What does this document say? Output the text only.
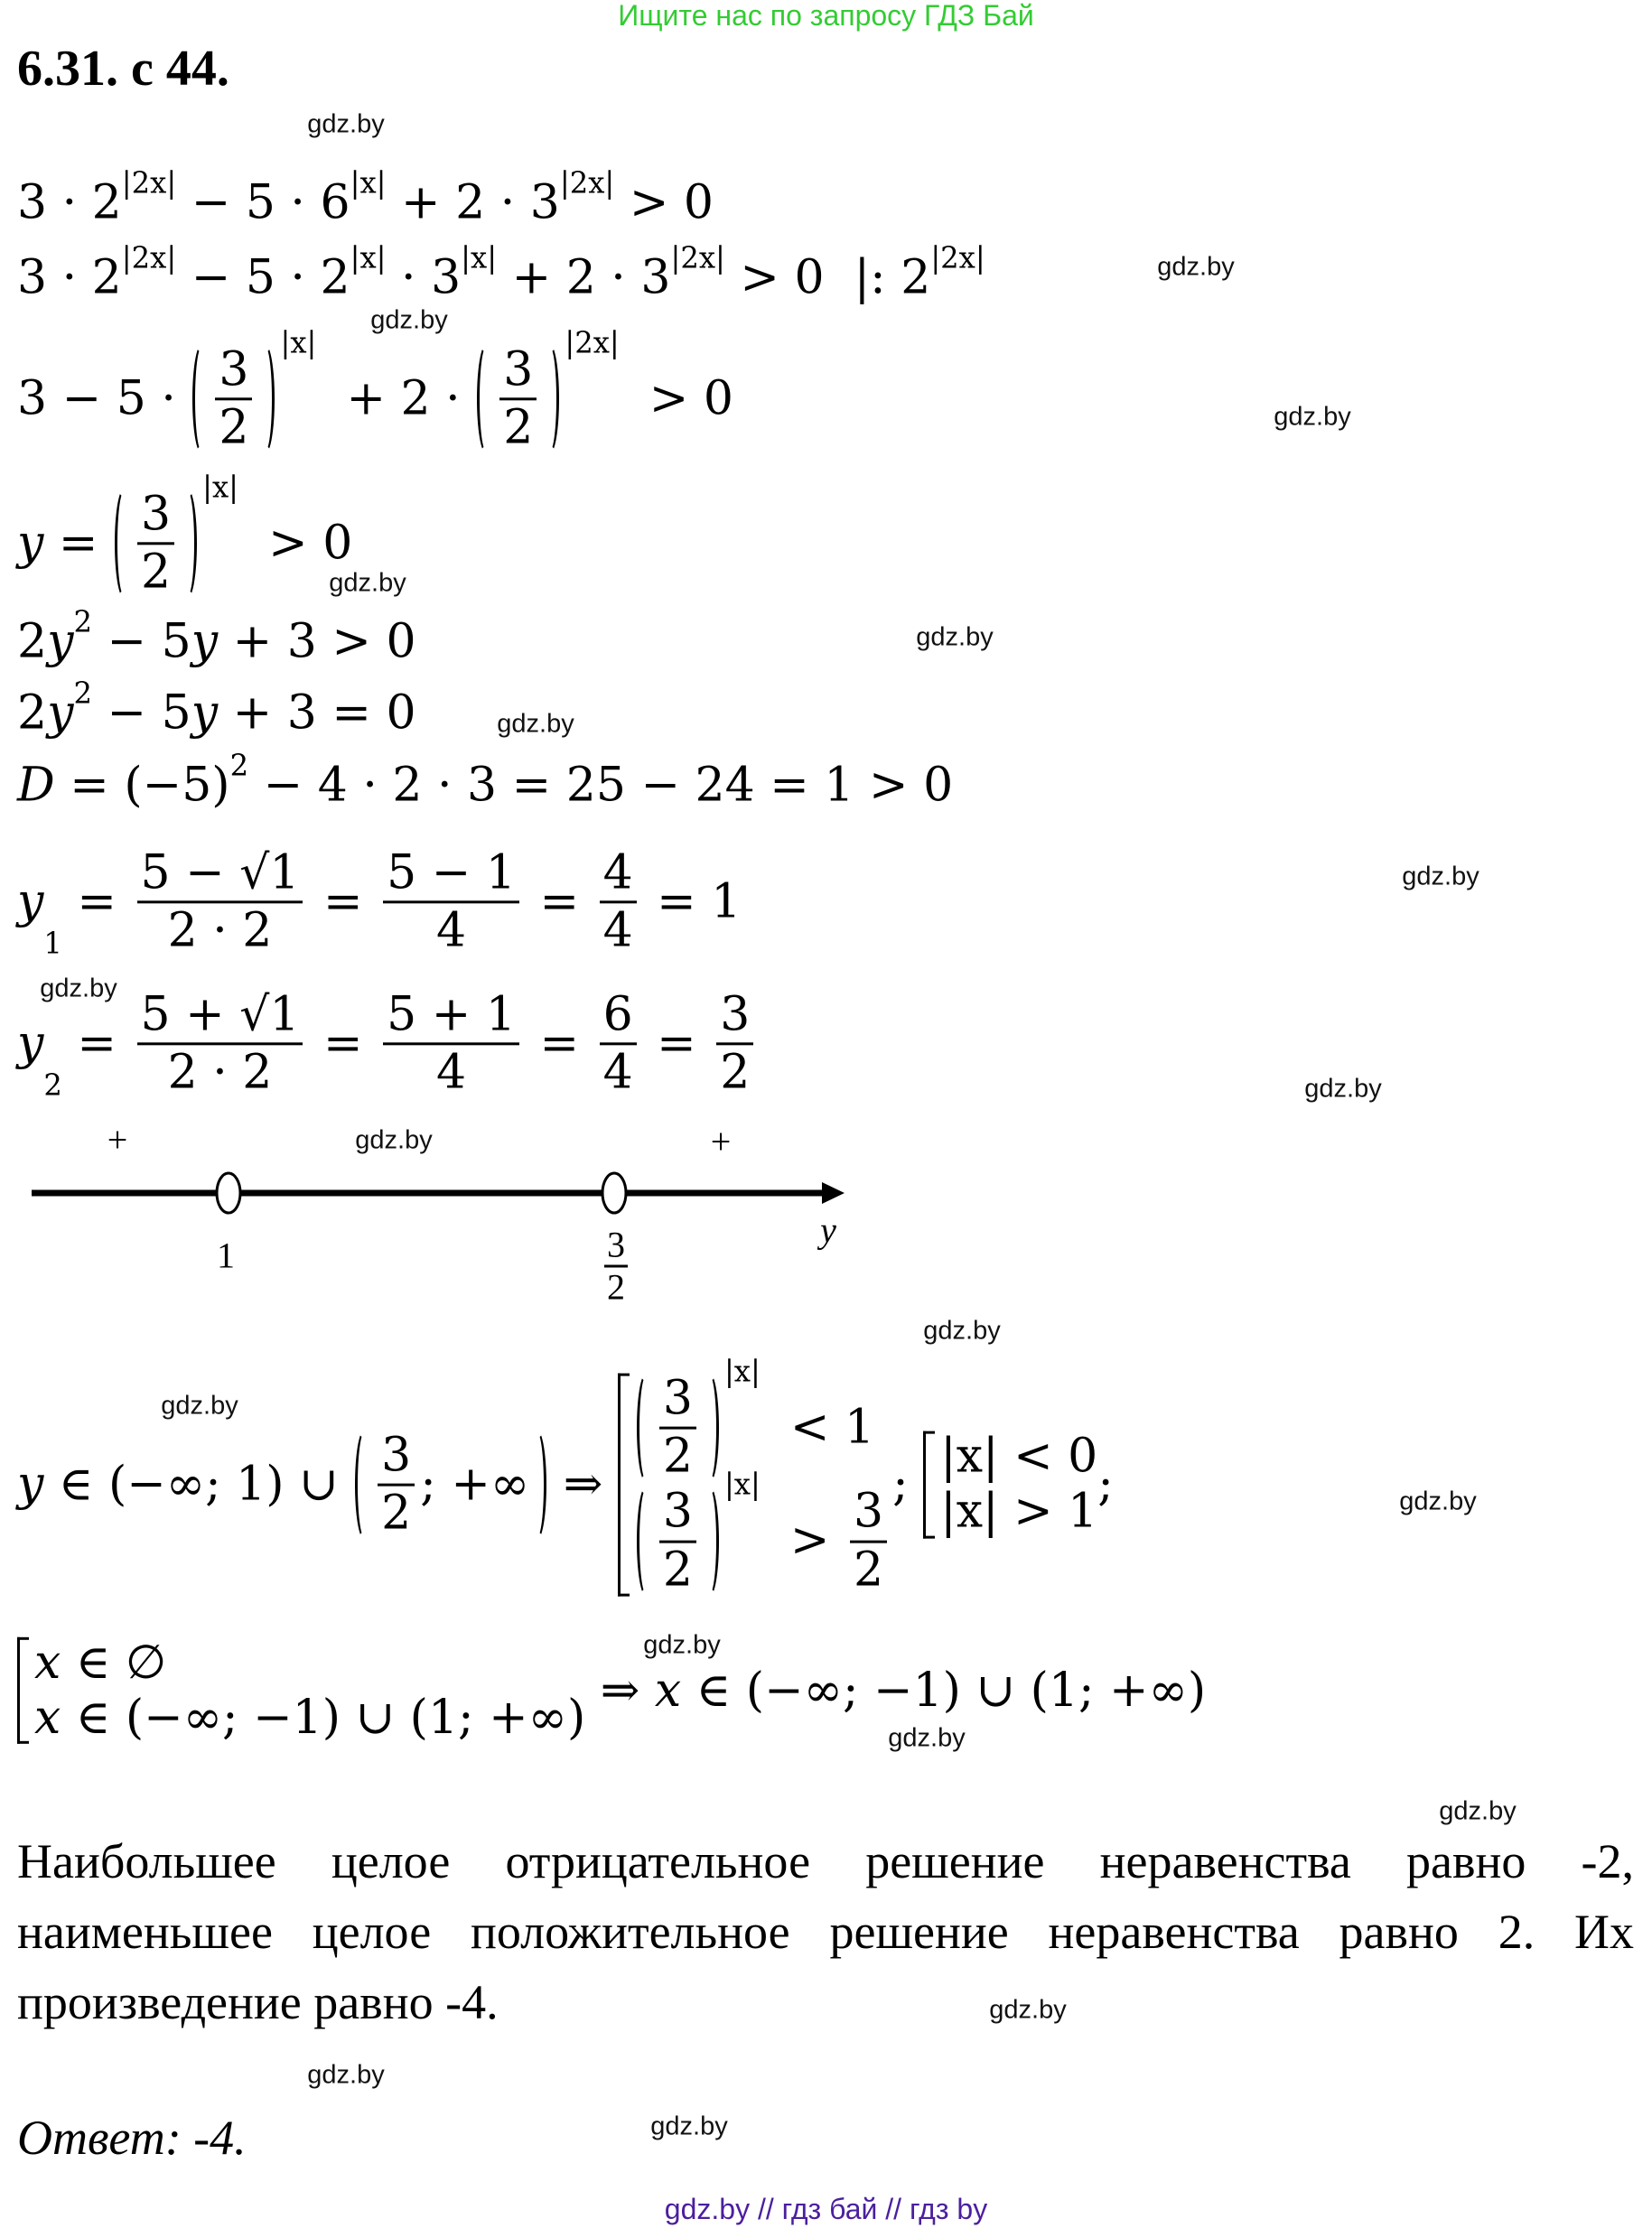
Ищите нас по запросу ГДЗ Бай
6.31. с 44.
gdz.by
gdz.by
gdz.by
gdz.by
gdz.by
gdz.by
gdz.by
gdz.by
gdz.by
gdz.by
gdz.by
gdz.by
gdz.by
gdz.by
gdz.by
gdz.by
gdz.by
gdz.by
gdz.by
gdz.by
3 · 2 |2x| − 5 · 6 |x| + 2 · 3 |2x| > 0
3 · 2 |2x| − 5 · 2 |x| · 3 |x| + 2 · 3 |2x| > 0  |: 2 |2x|
$3 - 5 \cdot \frac{3}{2}$
|x|
+ $2 \cdot \frac{3}{2}$
|2x|
> 0
$y = \frac{3}{2}$
|x|
> 0
2 y 2 − 5 y + 3 > 0
2 y 2 − 5 y + 3 = 0
D = (−5) 2 − 4 · 2 · 3 = 25 − 24 = 1 > 0
y
1
= $\frac{5 - √1}{2 \cdot 2} = \frac{5 - 1}{4} = \frac{4}{4} = 1$
y
2
= $\frac{5 + √1}{2 \cdot 2} = \frac{5 + 1}{4} = \frac{6}{4} = \frac{3}{2}$
y ∈ (−∞; 1) ∪ $\frac{3}{2}$ ; +∞ ⇒
$\frac{3}{2}$
|x|
< 1
$\frac{3}{2}$
|x|
> $\frac{3}{2}$
;
|x| < 0
|x| > 1
;
x ∈ ∅
x ∈ (−∞; −1) ∪ (1; +∞)
⇒ x ∈ (−∞; −1) ∪ (1; +∞)
+	+
1	$\frac{3}{2}$	y
Наибольшее целое отрицательное решение неравенства равно -2, наименьшее целое положительное решение неравенства равно 2. Их произведение равно -4.
Ответ: -4.
gdz.by // гдз бай // гдз by
